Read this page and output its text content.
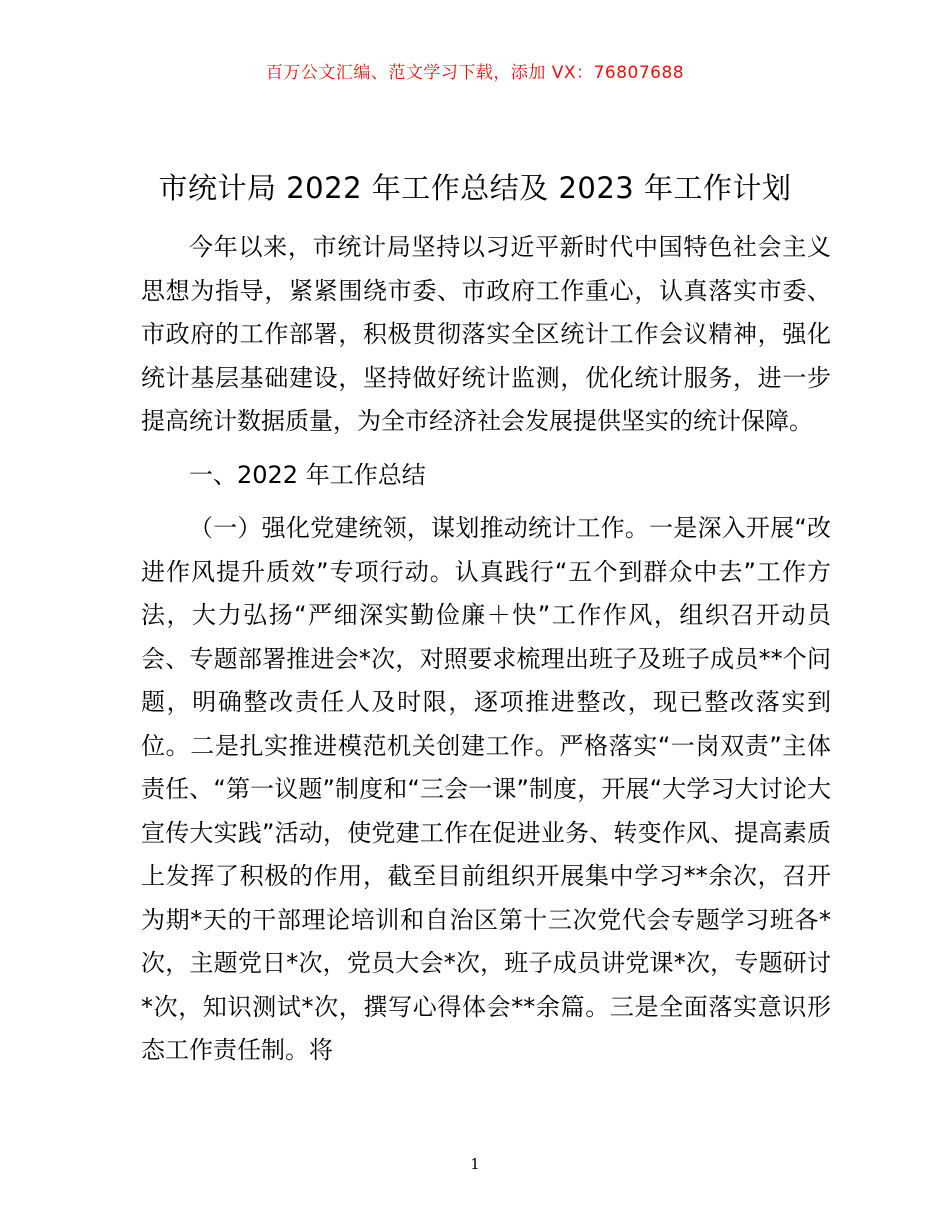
百万公文汇编、范文学习下载，添加 VX：76807688
市统计局 2022 年工作总结及 2023 年工作计划

今年以来，市统计局坚持以习近平新时代中国特色社会主义思想为指导，紧紧围绕市委、市政府工作重心，认真落实市委、市政府的工作部署，积极贯彻落实全区统计工作会议精神，强化统计基层基础建设，坚持做好统计监测，优化统计服务，进一步提高统计数据质量，为全市经济社会发展提供坚实的统计保障。

一、2022 年工作总结

（一）强化党建统领，谋划推动统计工作。一是深入开展“改进作风提升质效”专项行动。认真践行“五个到群众中去”工作方法，大力弘扬“严细深实勤俭廉＋快”工作作风，组织召开动员会、专题部署推进会*次，对照要求梳理出班子及班子成员**个问题，明确整改责任人及时限，逐项推进整改，现已整改落实到位。二是扎实推进模范机关创建工作。严格落实“一岗双责”主体责任、“第一议题”制度和“三会一课”制度，开展“大学习大讨论大宣传大实践”活动，使党建工作在促进业务、转变作风、提高素质上发挥了积极的作用，截至目前组织开展集中学习**余次，召开为期*天的干部理论培训和自治区第十三次党代会专题学习班各*次，主题党日*次，党员大会*次，班子成员讲党课*次，专题研讨*次，知识测试*次，撰写心得体会**余篇。三是全面落实意识形态工作责任制。将

1
